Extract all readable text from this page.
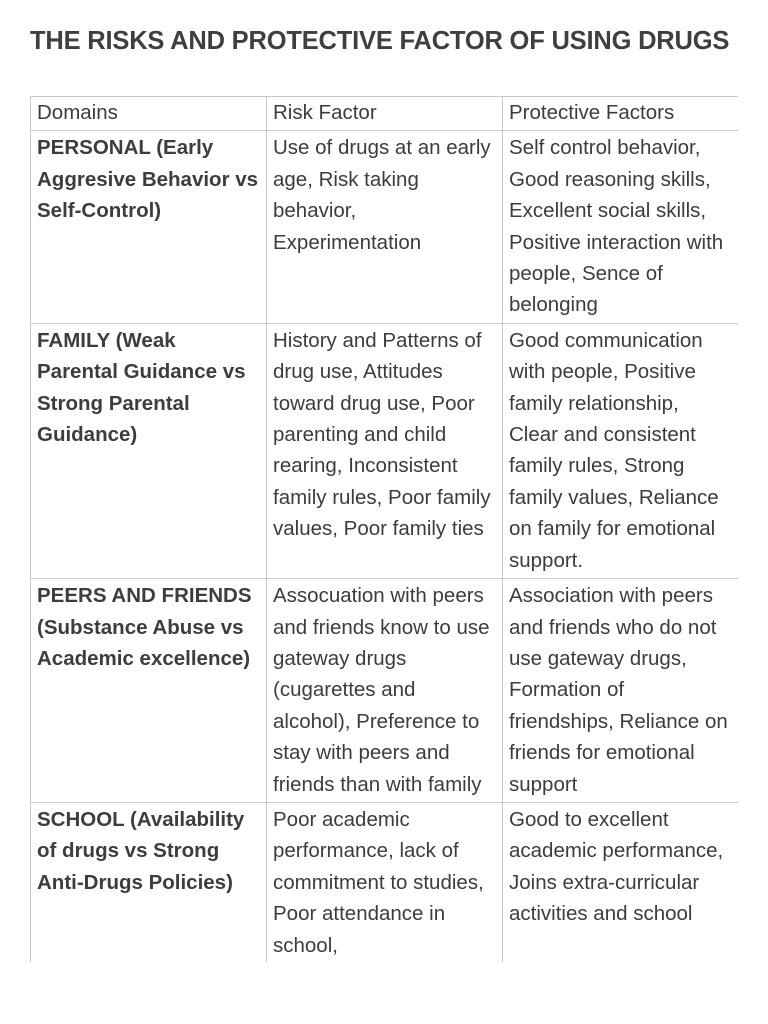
THE RISKS AND PROTECTIVE FACTOR OF USING DRUGS
Domains	Risk Factor	Protective Factors
PERSONAL (Early Aggresive Behavior vs Self-Control)	Use of drugs at an early age, Risk taking behavior, Experimentation	Self control behavior, Good reasoning skills, Excellent social skills, Positive interaction with people, Sence of belonging
FAMILY (Weak Parental Guidance vs Strong Parental Guidance)	History and Patterns of drug use, Attitudes toward drug use, Poor parenting and child rearing, Inconsistent family rules, Poor family values, Poor family ties	Good communication with people, Positive family relationship, Clear and consistent family rules, Strong family values, Reliance on family for emotional support.
PEERS AND FRIENDS (Substance Abuse vs Academic excellence)	Assocuation with peers and friends know to use gateway drugs (cugarettes and alcohol), Preference to stay with peers and friends than with family	Association with peers and friends who do not use gateway drugs, Formation of friendships, Reliance on friends for emotional support
SCHOOL (Availability of drugs vs Strong Anti-Drugs Policies)	Poor academic performance, lack of commitment to studies, Poor attendance in school,	Good to excellent academic performance, Joins extra-curricular activities and school
